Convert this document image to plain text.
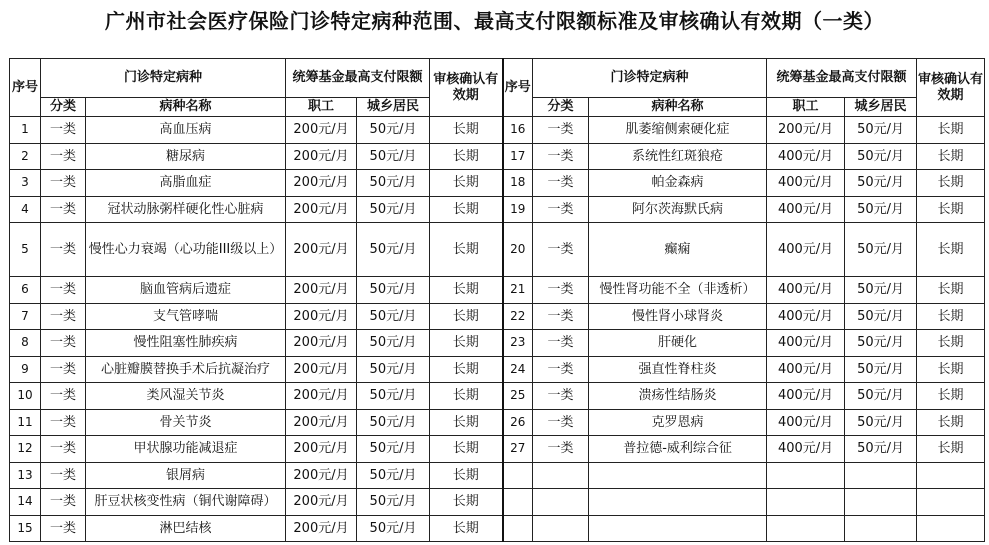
广州市社会医疗保险门诊特定病种范围、最高支付限额标准及审核确认有效期（一类）
序号	门诊特定病种		统筹基金最高支付限额		审核确认有效期	序号	门诊特定病种		统筹基金最高支付限额		审核确认有效期
	分类	病种名称	职工	城乡居民			分类	病种名称	职工	城乡居民	
1	一类	高血压病	200元/月	50元/月	长期	16	一类	肌萎缩侧索硬化症	200元/月	50元/月	长期
2	一类	糖尿病	200元/月	50元/月	长期	17	一类	系统性红斑狼疮	400元/月	50元/月	长期
3	一类	高脂血症	200元/月	50元/月	长期	18	一类	帕金森病	400元/月	50元/月	长期
4	一类	冠状动脉粥样硬化性心脏病	200元/月	50元/月	长期	19	一类	阿尔茨海默氏病	400元/月	50元/月	长期
5	一类	慢性心力衰竭（心功能III级以上）	200元/月	50元/月	长期	20	一类	癫痫	400元/月	50元/月	长期
6	一类	脑血管病后遗症	200元/月	50元/月	长期	21	一类	慢性肾功能不全（非透析）	400元/月	50元/月	长期
7	一类	支气管哮喘	200元/月	50元/月	长期	22	一类	慢性肾小球肾炎	400元/月	50元/月	长期
8	一类	慢性阻塞性肺疾病	200元/月	50元/月	长期	23	一类	肝硬化	400元/月	50元/月	长期
9	一类	心脏瓣膜替换手术后抗凝治疗	200元/月	50元/月	长期	24	一类	强直性脊柱炎	400元/月	50元/月	长期
10	一类	类风湿关节炎	200元/月	50元/月	长期	25	一类	溃疡性结肠炎	400元/月	50元/月	长期
11	一类	骨关节炎	200元/月	50元/月	长期	26	一类	克罗恩病	400元/月	50元/月	长期
12	一类	甲状腺功能减退症	200元/月	50元/月	长期	27	一类	普拉德-威利综合征	400元/月	50元/月	长期
13	一类	银屑病	200元/月	50元/月	长期						
14	一类	肝豆状核变性病（铜代谢障碍）	200元/月	50元/月	长期						
15	一类	淋巴结核	200元/月	50元/月	长期						
